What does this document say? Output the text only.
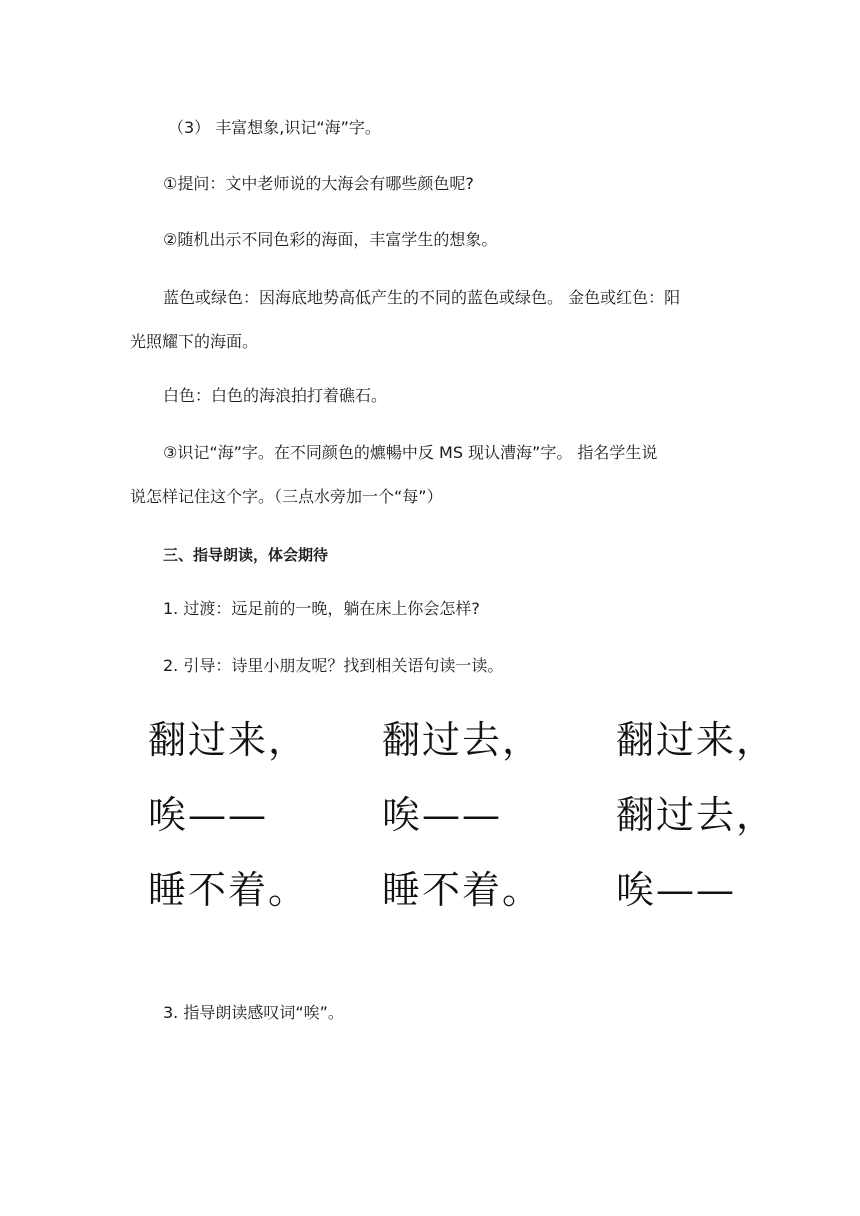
（3） 丰富想象,识记“海”字。
①提问：文中老师说的大海会有哪些颜色呢?
②随机出示不同色彩的海面，丰富学生的想象。
蓝色或绿色：因海底地势高低产生的不同的蓝色或绿色。 金色或红色：阳
光照耀下的海面。
白色：白色的海浪拍打着礁石。
③识记“海”字。在不同颜色的爊暢中反 MS 现认漕海”字。 指名学生说
说怎样记住这个字。（三点水旁加一个“每”）
三、指导朗读，体会期待
1. 过渡：远足前的一晚，躺在床上你会怎样?
2. 引导：诗里小朋友呢？找到相关语句读一读。
翻过来，
唉——
睡不着。
翻过去，
唉——
睡不着。
翻过来，
翻过去，
唉——
3. 指导朗读感叹词“唉”。
